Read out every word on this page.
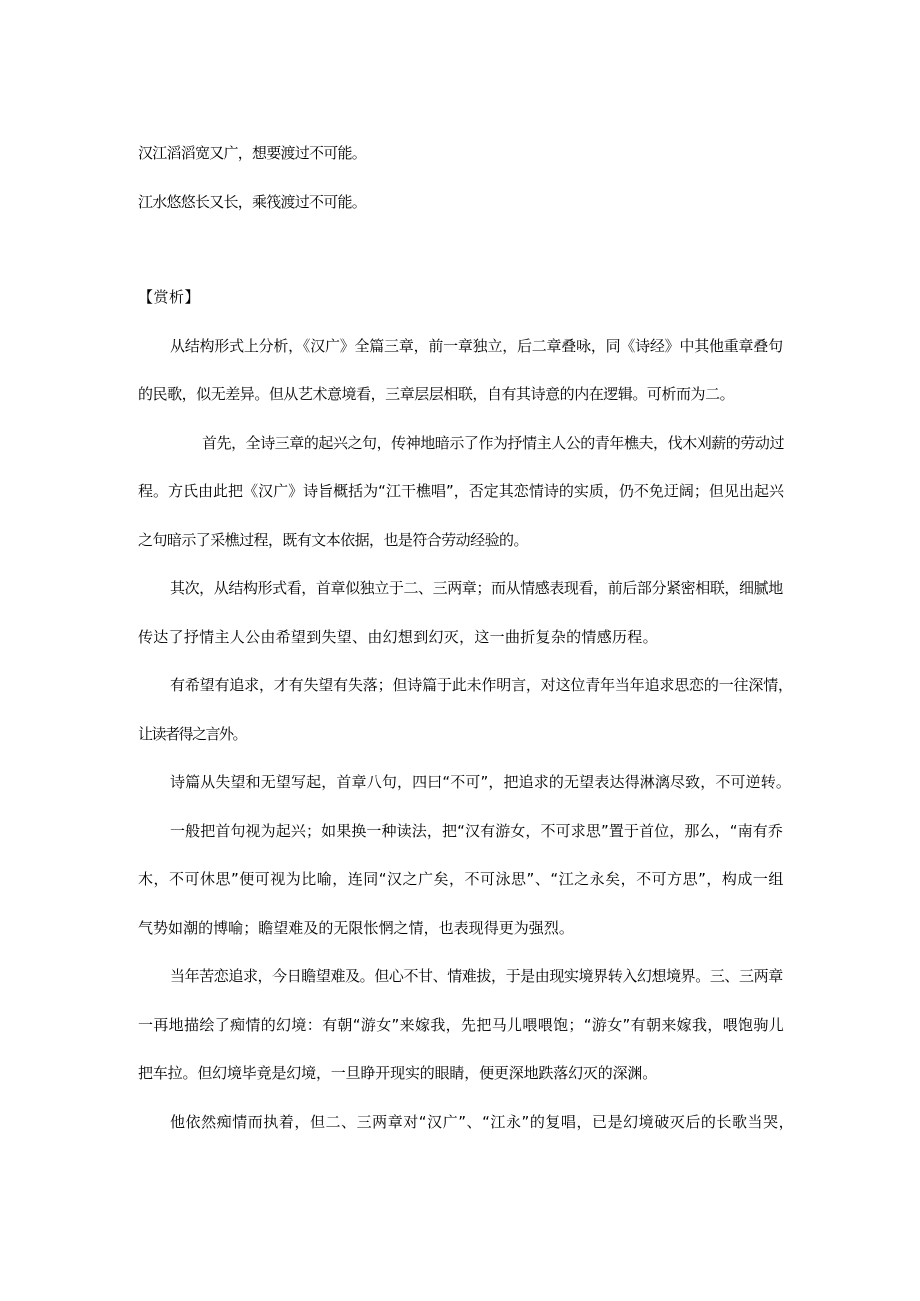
汉江滔滔宽又广，想要渡过不可能。

江水悠悠长又长，乘筏渡过不可能。

【赏析】

从结构形式上分析，《汉广》全篇三章，前一章独立，后二章叠咏，同《诗经》中其他重章叠句

的民歌，似无差异。但从艺术意境看，三章层层相联，自有其诗意的内在逻辑。可析而为二。

首先，全诗三章的起兴之句，传神地暗示了作为抒情主人公的青年樵夫，伐木刈薪的劳动过

程。方氏由此把《汉广》诗旨概括为“江干樵唱”，否定其恋情诗的实质，仍不免迂阔；但见出起兴

之句暗示了采樵过程，既有文本依据，也是符合劳动经验的。

其次，从结构形式看，首章似独立于二、三两章；而从情感表现看，前后部分紧密相联，细腻地

传达了抒情主人公由希望到失望、由幻想到幻灭，这一曲折复杂的情感历程。

有希望有追求，才有失望有失落；但诗篇于此未作明言，对这位青年当年追求思恋的一往深情，

让读者得之言外。

诗篇从失望和无望写起，首章八句，四曰“不可”，把追求的无望表达得淋漓尽致，不可逆转。

一般把首句视为起兴；如果换一种读法，把“汉有游女，不可求思”置于首位，那么，“南有乔

木，不可休思”便可视为比喻，连同“汉之广矣，不可泳思”、“江之永矣，不可方思”，构成一组

气势如潮的博喻；瞻望难及的无限怅惘之情，也表现得更为强烈。

当年苦恋追求，今日瞻望难及。但心不甘、情难拔，于是由现实境界转入幻想境界。三、三两章

一再地描绘了痴情的幻境：有朝“游女”来嫁我，先把马儿喂喂饱；“游女”有朝来嫁我，喂饱驹儿

把车拉。但幻境毕竟是幻境，一旦睁开现实的眼睛，便更深地跌落幻灭的深渊。

他依然痴情而执着，但二、三两章对“汉广”、“江永”的复唱，已是幻境破灭后的长歌当哭，
